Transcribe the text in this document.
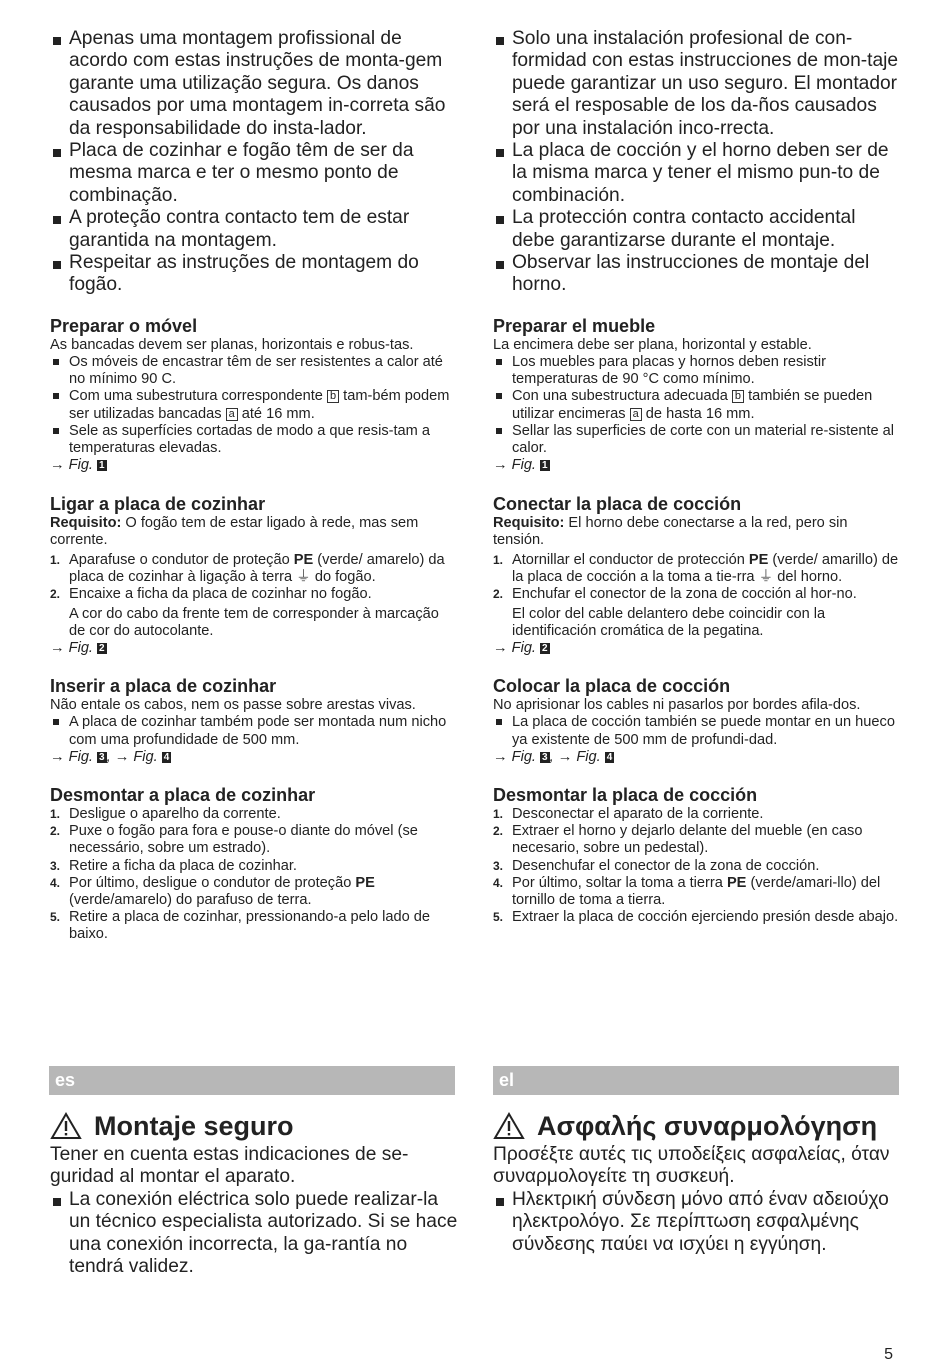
Apenas uma montagem profissional de acordo com estas instruções de monta-gem garante uma utilização segura. Os danos causados por uma montagem in-correta são da responsabilidade do insta-lador.
Placa de cozinhar e fogão têm de ser da mesma marca e ter o mesmo ponto de combinação.
A proteção contra contacto tem de estar garantida na montagem.
Respeitar as instruções de montagem do fogão.
Preparar o móvel

As bancadas devem ser planas, horizontais e robus-tas.

Os móveis de encastrar têm de ser resistentes a calor até no mínimo 90 C.
Com uma subestrutura correspondente b tam-bém podem ser utilizadas bancadas a até 16 mm.
Sele as superfícies cortadas de modo a que resis-tam a temperaturas elevadas.

→ Fig. 1

Ligar a placa de cozinhar

Requisito: O fogão tem de estar ligado à rede, mas sem corrente.

1. Aparafuse o condutor de proteção PE (verde/ amarelo) da placa de cozinhar à ligação à terra ⏚ do fogão.

2. Encaixe a ficha da placa de cozinhar no fogão.

A cor do cabo da frente tem de corresponder à marcação de cor do autocolante.

→ Fig. 2

Inserir a placa de cozinhar

Não entale os cabos, nem os passe sobre arestas vivas.

A placa de cozinhar também pode ser montada num nicho com uma profundidade de 500 mm.

→ Fig. 3 , → Fig. 4

Desmontar a placa de cozinhar

1. Desligue o aparelho da corrente.

2. Puxe o fogão para fora e pouse-o diante do móvel (se necessário, sobre um estrado).

3. Retire a ficha da placa de cozinhar.

4. Por último, desligue o condutor de proteção PE (verde/amarelo) do parafuso de terra.

5. Retire a placa de cozinhar, pressionando-a pelo lado de baixo.

Solo una instalación profesional de con-formidad con estas instrucciones de mon-taje puede garantizar un uso seguro. El montador será el resposable de los da-ños causados por una instalación inco-rrecta.
La placa de cocción y el horno deben ser de la misma marca y tener el mismo pun-to de combinación.
La protección contra contacto accidental debe garantizarse durante el montaje.
Observar las instrucciones de montaje del horno.
Preparar el mueble

La encimera debe ser plana, horizontal y estable.

Los muebles para placas y hornos deben resistir temperaturas de 90 °C como mínimo.
Con una subestructura adecuada b también se pueden utilizar encimeras a de hasta 16 mm.
Sellar las superficies de corte con un material re-sistente al calor.

→ Fig. 1

Conectar la placa de cocción

Requisito: El horno debe conectarse a la red, pero sin tensión.

1. Atornillar el conductor de protección PE (verde/ amarillo) de la placa de cocción a la toma a tie-rra ⏚ del horno.

2. Enchufar el conector de la zona de cocción al hor-no.

El color del cable delantero debe coincidir con la identificación cromática de la pegatina.

→ Fig. 2

Colocar la placa de cocción

No aprisionar los cables ni pasarlos por bordes afila-dos.

La placa de cocción también se puede montar en un hueco ya existente de 500 mm de profundi-dad.

→ Fig. 3 , → Fig. 4

Desmontar la placa de cocción

1. Desconectar el aparato de la corriente.

2. Extraer el horno y dejarlo delante del mueble (en caso necesario, sobre un pedestal).

3. Desenchufar el conector de la zona de cocción.

4. Por último, soltar la toma a tierra PE (verde/amari-llo) del tornillo de toma a tierra.

5. Extraer la placa de cocción ejerciendo presión desde abajo.

es	el
Montaje seguro

Tener en cuenta estas indicaciones de se-guridad al montar el aparato.

La conexión eléctrica solo puede realizar-la un técnico especialista autorizado. Si se hace una conexión incorrecta, la ga-rantía no tendrá validez.
Ασφαλής συναρμολόγηση

Προσέξτε αυτές τις υποδείξεις ασφαλείας, όταν συναρμολογείτε τη συσκευή.

Ηλεκτρική σύνδεση μόνο από έναν αδειούχο ηλεκτρολόγο. Σε περίπτωση εσφαλμένης σύνδεσης παύει να ισχύει η εγγύηση.
5
